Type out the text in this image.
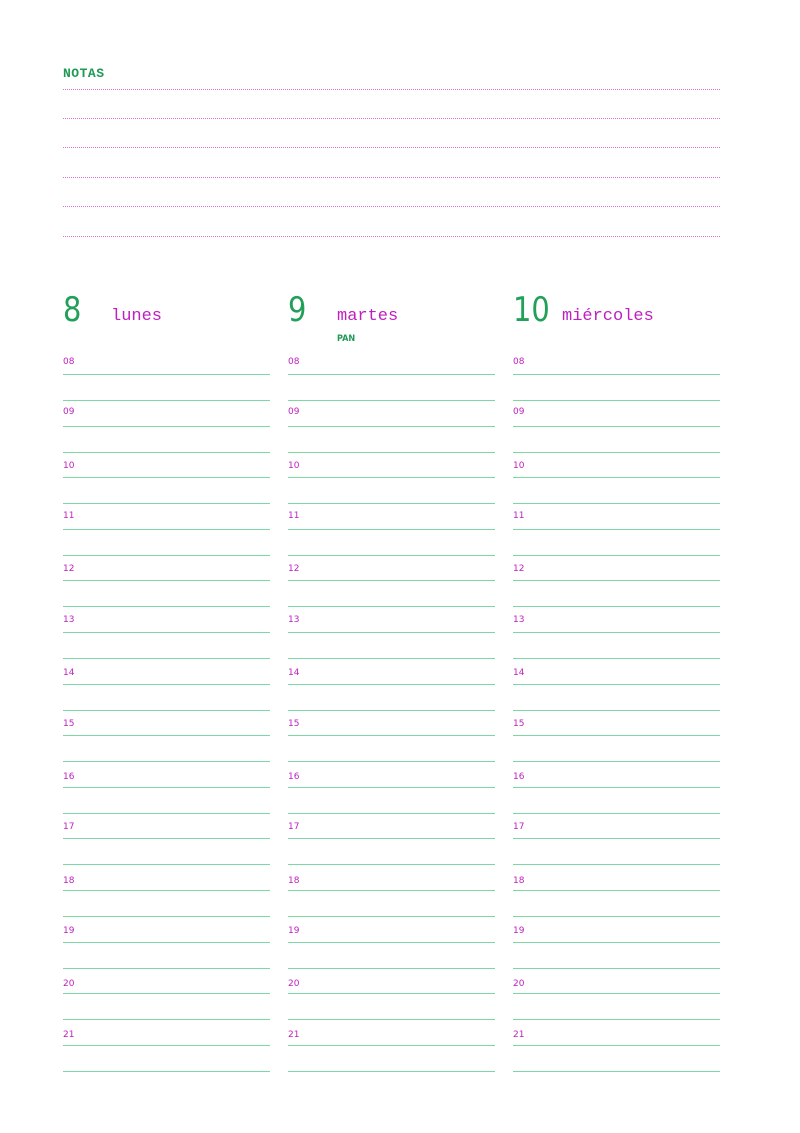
NOTAS
8 lunes
08
09
10
11
12
13
14
15
16
17
18
19
20
21
9 martes
PAN
08
09
10
11
12
13
14
15
16
17
18
19
20
21
10 miércoles
08
09
10
11
12
13
14
15
16
17
18
19
20
21
